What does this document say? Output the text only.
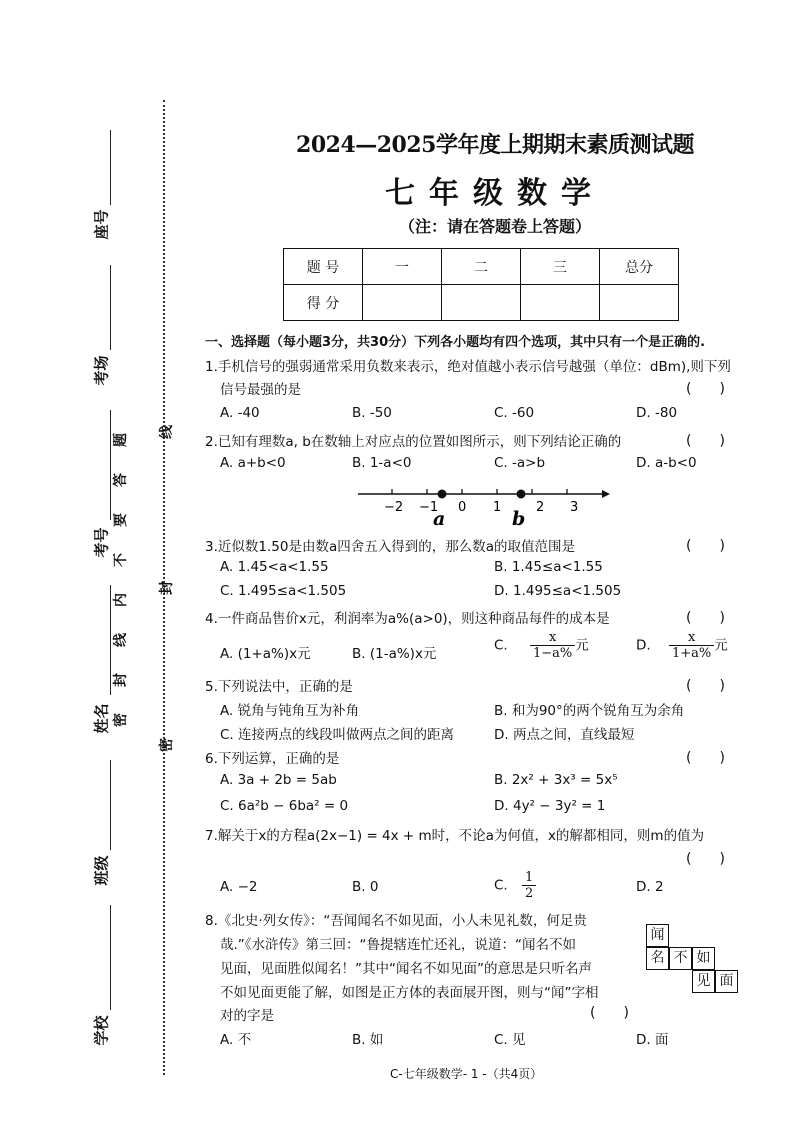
座号
考场
考号
姓名
班级
学校
题
答
要
不
内
线
封
密
线
封
密
2024—2025学年度上期期末素质测试题
七年级数学
（注：请在答题卷上答题）
题 号	一	二	三	总分
得 分				
一、选择题（每小题3分，共30分）下列各小题均有四个选项，其中只有一个是正确的.
1.手机信号的强弱通常采用负数来表示，绝对值越小表示信号越强（单位：dBm),则下列
信号最强的是	(　　)
A. -40	B. -50	C. -60	D. -80
2.已知有理数a, b在数轴上对应点的位置如图所示，则下列结论正确的	(　　)
A. a+b<0	B. 1-a<0	C. -a>b	D. a-b<0
−2 −1 0 1	2 3
a	b
3.近似数1.50是由数a四舍五入得到的，那么数a的取值范围是	(　　)
A. 1.45<a<1.55	B. 1.45≤a<1.55
C. 1.495≤a<1.505	D. 1.495≤a<1.505
4.一件商品售价x元，利润率为a%(a>0)，则这种商品每件的成本是	(　　)
A. (1+a%)x元	B. (1-a%)x元
C. $\frac{x}{1-a\%}$ 元	D. $\frac{x}{1+a\%}$ 元
5.下列说法中，正确的是	(　　)
A. 锐角与钝角互为补角	B. 和为90°的两个锐角互为余角
C. 连接两点的线段叫做两点之间的距离	D. 两点之间，直线最短
6.下列运算，正确的是	(　　)
A. 3a + 2b = 5ab	B. 2x² + 3x³ = 5x⁵
C. 6a²b − 6ba² = 0	D. 4y² − 3y² = 1
7.解关于x的方程a(2x−1) = 4x + m时，不论a为何值，x的解都相同，则m的值为
(　　)
A. −2	B. 0	C. $\frac{1}{2}$	D. 2
8.《北史·列女传》：“吾闻闻名不如见面，小人未见礼数，何足贵
哉.”《水浒传》第三回：“鲁提辖连忙还礼，说道：“闻名不如
见面，见面胜似闻名！”其中“闻名不如见面”的意思是只听名声
不如见面更能了解，如图是正方体的表面展开图，则与“闻”字相
对的字是	(　　)
A. 不	B. 如	C. 见	D. 面
闻
名 不 如
见 面
C-七年级数学- 1 -（共4页）
